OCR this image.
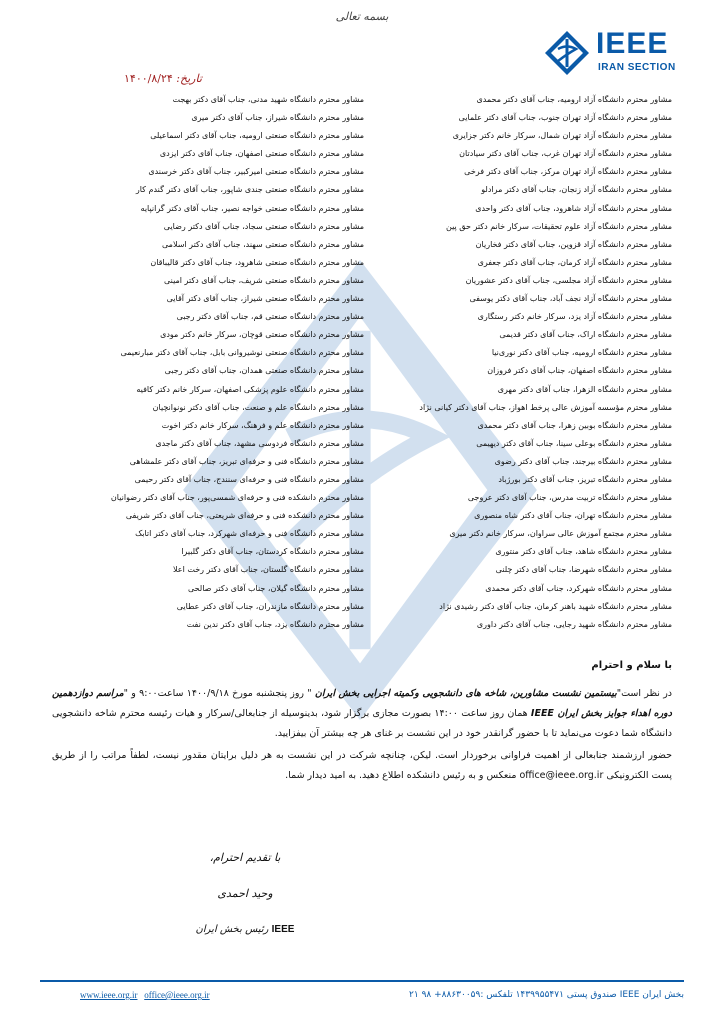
بسمه تعالی
IEEE
IRAN SECTION
تاریخ: ۱۴۰۰/۸/۲۴
مشاور محترم دانشگاه آزاد ارومیه، جناب آقای دکتر محمدی
مشاور محترم دانشگاه آزاد تهران جنوب، جناب آقای دکتر علمایی
مشاور محترم دانشگاه آزاد تهران شمال، سرکار خانم دکتر جزایری
مشاور محترم دانشگاه آزاد تهران غرب، جناب آقای دکتر سیادتان
مشاور محترم دانشگاه آزاد تهران مرکز، جناب آقای دکتر فرخی
مشاور محترم دانشگاه آزاد زنجان، جناب آقای دکتر مرادلو
مشاور محترم دانشگاه آزاد شاهرود، جناب آقای دکتر واحدی
مشاور محترم دانشگاه آزاد علوم تحقیقات، سرکار خانم دکتر حق پین
مشاور محترم دانشگاه آزاد قزوین، جناب آقای دکتر فخاریان
مشاور محترم دانشگاه آزاد کرمان، جناب آقای دکتر جعفری
مشاور محترم دانشگاه آزاد مجلسی، جناب آقای دکتر عشوریان
مشاور محترم دانشگاه آزاد نجف آباد، جناب آقای دکتر یوسفی
مشاور محترم دانشگاه آزاد یزد، سرکار خانم دکتر رستگاری
مشاور محترم دانشگاه اراک، جناب آقای دکتر قدیمی
مشاور محترم دانشگاه ارومیه، جناب آقای دکتر نوری‌نیا
مشاور محترم دانشگاه اصفهان، جناب آقای دکتر فروزان
مشاور محترم دانشگاه الزهرا، جناب آقای دکتر مهری
مشاور محترم مؤسسه آموزش عالی پرخط اهواز، جناب آقای دکتر کیانی نژاد
مشاور محترم دانشگاه بوبین زهرا، جناب آقای دکتر محمدی
مشاور محترم دانشگاه بوعلی سینا، جناب آقای دکتر دیهیمی
مشاور محترم دانشگاه بیرجند، جناب آقای دکتر رضوی
مشاور محترم دانشگاه تبریز، جناب آقای دکتر بورژباد
مشاور محترم دانشگاه تربیت مدرس، جناب آقای دکتر عروجی
مشاور محترم دانشگاه تهران، جناب آقای دکتر شاه منصوری
مشاور محترم مجتمع آموزش عالی سراوان، سرکار خانم دکتر میری
مشاور محترم دانشگاه شاهد، جناب آقای دکتر منتوری
مشاور محترم دانشگاه شهرضا، جناب آقای دکتر چلنی
مشاور محترم دانشگاه شهرکرد، جناب آقای دکتر محمدی
مشاور محترم دانشگاه شهید باهنر کرمان، جناب آقای دکتر رشیدی نژاد
مشاور محترم دانشگاه شهید رجایی، جناب آقای دکتر داوری
مشاور محترم دانشگاه شهید مدنی، جناب آقای دکتر بهجت
مشاور محترم دانشگاه شیراز، جناب آقای دکتر میری
مشاور محترم دانشگاه صنعتی ارومیه، جناب آقای دکتر اسماعیلی
مشاور محترم دانشگاه صنعتی اصفهان، جناب آقای دکتر ایزدی
مشاور محترم دانشگاه صنعتی امیرکبیر، جناب آقای دکتر خرسندی
مشاور محترم دانشگاه صنعتی جندی شاپور، جناب آقای دکتر گندم کار
مشاور محترم دانشگاه صنعتی خواجه نصیر، جناب آقای دکتر گرانپایه
مشاور محترم دانشگاه صنعتی سجاد، جناب آقای دکتر رضایی
مشاور محترم دانشگاه صنعتی سهند، جناب آقای دکتر اسلامی
مشاور محترم دانشگاه صنعتی شاهرود، جناب آقای دکتر قالیباقان
مشاور محترم دانشگاه صنعتی شریف، جناب آقای دکتر امینی
مشاور محترم دانشگاه صنعتی شیراز، جناب آقای دکتر آقایی
مشاور محترم دانشگاه صنعتی قم، جناب آقای دکتر رجبی
مشاور محترم دانشگاه صنعتی قوچان، سرکار خانم دکتر مودی
مشاور محترم دانشگاه صنعتی نوشیروانی بابل، جناب آقای دکتر مبارنعیمی
مشاور محترم دانشگاه صنعتی همدان، جناب آقای دکتر رجبی
مشاور محترم دانشگاه علوم پزشکی اصفهان، سرکار خانم دکتر کافیه
مشاور محترم دانشگاه علم و صنعت، جناب آقای دکتر نونوانچیان
مشاور محترم دانشگاه علم و فرهنگ، سرکار خانم دکتر اخوت
مشاور محترم دانشگاه فردوسی مشهد، جناب آقای دکتر ماجدی
مشاور محترم دانشگاه فنی و حرفه‌ای تبریز، جناب آقای دکتر علمشاهی
مشاور محترم دانشگاه فنی و حرفه‌ای سنندج، جناب آقای دکتر رحیمی
مشاور محترم دانشکده فنی و حرفه‌ای شمسی‌پور، جناب آقای دکتر رضوانیان
مشاور محترم دانشکده فنی و حرفه‌ای شریعتی، جناب آقای دکتر شریفی
مشاور محترم دانشگاه فنی و حرفه‌ای شهرکرد، جناب آقای دکتر اتابک
مشاور محترم دانشگاه کردستان، جناب آقای دکتر گلبیرا
مشاور محترم دانشگاه گلستان، جناب آقای دکتر رخت اعلا
مشاور محترم دانشگاه گیلان، جناب آقای دکتر صالحی
مشاور محترم دانشگاه مازندران، جناب آقای دکتر عطایی
مشاور محترم دانشگاه یزد، جناب آقای دکتر ندین نفت
با سلام و احترام

در نظر است"بیستمین نشست مشاورین، شاخه های دانشجویی وکمیته اجرایی بخش ایران " روز پنجشنبه مورخ ۱۴۰۰/۹/۱۸ ساعت۹:۰۰ و "مراسم دوازدهمین دوره اهداء جوایز بخش ایران IEEE همان روز ساعت ۱۴:۰۰ بصورت مجازی برگزار شود، بدینوسیله از جنابعالی/سرکار و هیات رئیسه محترم شاخه دانشجویی دانشگاه شما دعوت می‌نماید تا با حضور گرانقدر خود در این نشست بر غنای هر چه بیشتر آن بیفزایید.

حضور ارزشمند جنابعالی از اهمیت فراوانی برخوردار است. لیکن، چنانچه شرکت در این نشست به هر دلیل برایتان مقدور نیست، لطفاً مراتب را از طریق پست الکترونیکی office@ieee.org.ir منعکس و به رئیس دانشکده اطلاع دهید. به امید دیدار شما.

با تقدیم احترام،
وحید احمدی
IEEE رئیس بخش ایران
بخش ایران IEEE صندوق پستی ۱۴۳۹۹۵۵۴۷۱ تلفکس :۸۸۶۳۰۰۵۹+ ۹۸ ۲۱
www.ieee.org.ir office@ieee.org.ir
